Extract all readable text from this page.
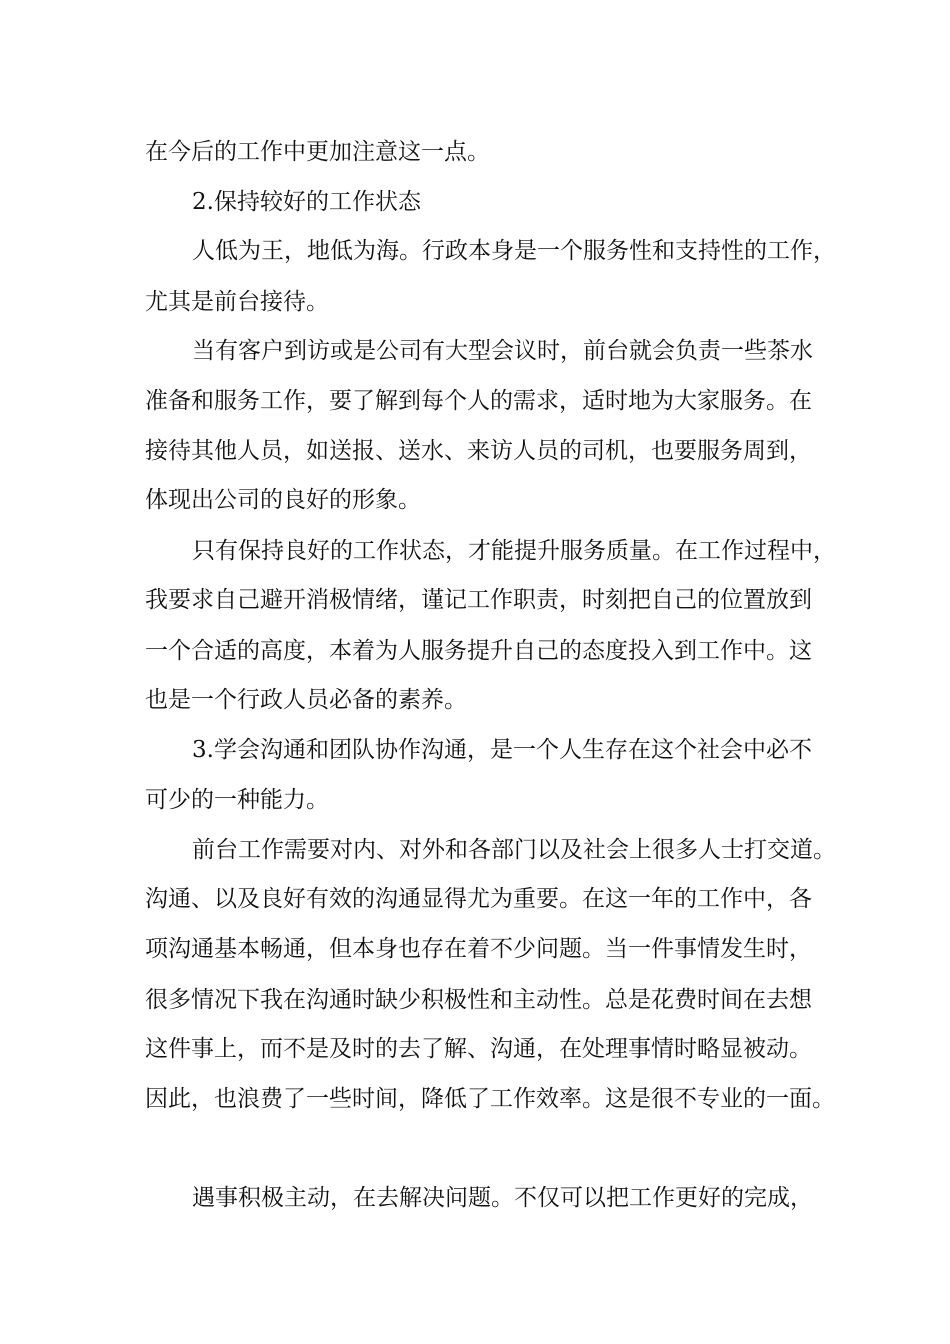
在今后的工作中更加注意这一点。
2.保持较好的工作状态
人低为王，地低为海。行政本身是一个服务性和支持性的工作，
尤其是前台接待。
当有客户到访或是公司有大型会议时，前台就会负责一些茶水
准备和服务工作，要了解到每个人的需求，适时地为大家服务。在
接待其他人员，如送报、送水、来访人员的司机，也要服务周到，
体现出公司的良好的形象。
只有保持良好的工作状态，才能提升服务质量。在工作过程中，
我要求自己避开消极情绪，谨记工作职责，时刻把自己的位置放到
一个合适的高度，本着为人服务提升自己的态度投入到工作中。这
也是一个行政人员必备的素养。
3.学会沟通和团队协作沟通，是一个人生存在这个社会中必不
可少的一种能力。
前台工作需要对内、对外和各部门以及社会上很多人士打交道。
沟通、以及良好有效的沟通显得尤为重要。在这一年的工作中，各
项沟通基本畅通，但本身也存在着不少问题。当一件事情发生时，
很多情况下我在沟通时缺少积极性和主动性。总是花费时间在去想
这件事上，而不是及时的去了解、沟通，在处理事情时略显被动。
因此，也浪费了一些时间，降低了工作效率。这是很不专业的一面。
遇事积极主动，在去解决问题。不仅可以把工作更好的完成，
